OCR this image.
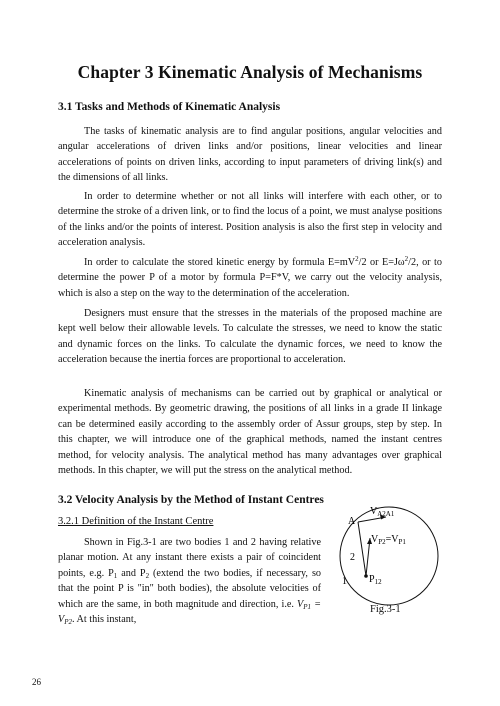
Chapter 3 Kinematic Analysis of Mechanisms
3.1 Tasks and Methods of Kinematic Analysis

The tasks of kinematic analysis are to find angular positions, angular velocities and angular accelerations of driven links and/or positions, linear velocities and linear accelerations of points on driven links, according to input parameters of driving link(s) and the dimensions of all links.

In order to determine whether or not all links will interfere with each other, or to determine the stroke of a driven link, or to find the locus of a point, we must analyse positions of the links and/or the points of interest. Position analysis is also the first step in velocity and acceleration analysis.

In order to calculate the stored kinetic energy by formula $E=mV^2/2$ or $E=J\omega^2/2$, or to determine the power P of a motor by formula P=F*V, we carry out the velocity analysis, which is also a step on the way to the determination of the acceleration.

Designers must ensure that the stresses in the materials of the proposed machine are kept well below their allowable levels. To calculate the stresses, we need to know the static and dynamic forces on the links. To calculate the dynamic forces, we need to know the acceleration because the inertia forces are proportional to acceleration.

Kinematic analysis of mechanisms can be carried out by graphical or analytical or experimental methods. By geometric drawing, the positions of all links in a grade II linkage can be determined easily according to the assembly order of Assur groups, step by step. In this chapter, we will introduce one of the graphical methods, named the instant centres method, for velocity analysis. The analytical method has many advantages over graphical methods. In this chapter, we will put the stress on the analytical method.

3.2 Velocity Analysis by the Method of Instant Centres
3.2.1 Definition of the Instant Centre

Shown in Fig.3-1 are two bodies 1 and 2 having relative planar motion. At any instant there exists a pair of coincident points, e.g. $P_1$ and $P_2$ (extend the two bodies, if necessary, so that the point P is "in" both bodies), the absolute velocities of which are the same, in both magnitude and direction, i.e. $V_{P1} = V_{P2}$. At this instant,

A
$V_{A2A1}$
$V_{P2}=V_{P1}$
2
1 $P_{12}$
Fig.3-1
26
